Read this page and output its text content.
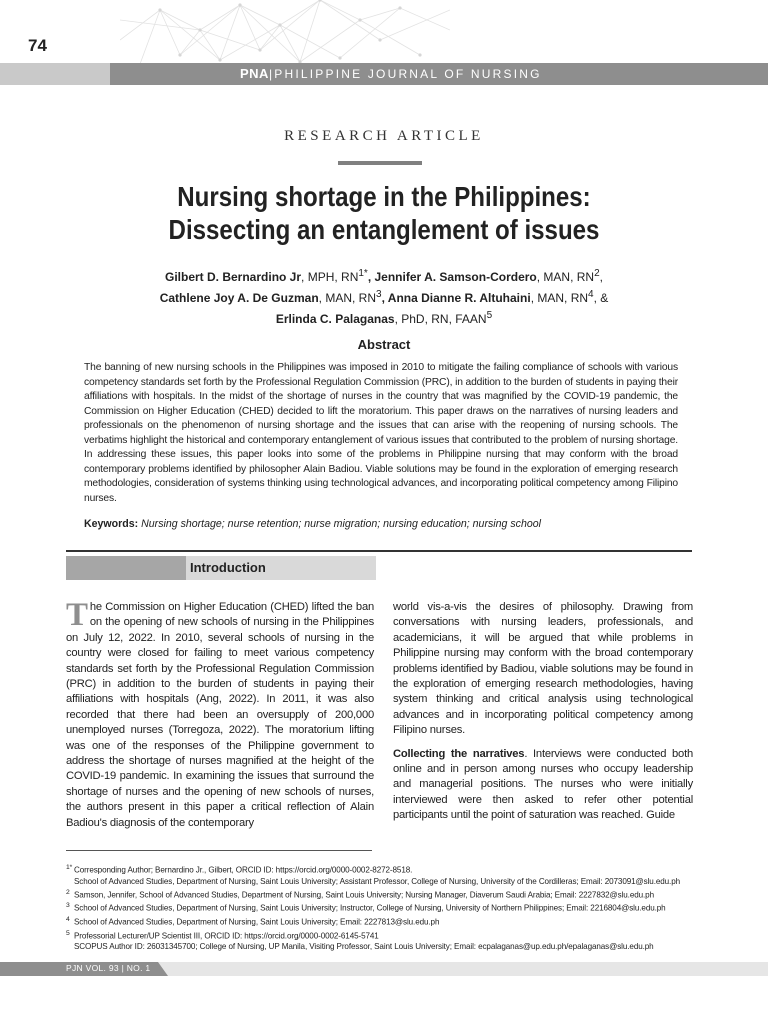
74
PNA|PHILIPPINE JOURNAL OF NURSING
RESEARCH ARTICLE
Nursing shortage in the Philippines:
Dissecting an entanglement of issues
Gilbert D. Bernardino Jr, MPH, $RN^{1*}$, Jennifer A. Samson-Cordero, MAN, $RN^2$,
Cathlene Joy A. De Guzman, MAN, $RN^3$, Anna Dianne R. Altuhaini, MAN, $RN^4$, &
Erlinda C. Palaganas, PhD, RN, FAAN$^5$
Abstract
The banning of new nursing schools in the Philippines was imposed in 2010 to mitigate the failing compliance of schools with various competency standards set forth by the Professional Regulation Commission (PRC), in addition to the burden of students in paying their affiliations with hospitals. In the midst of the shortage of nurses in the country that was magnified by the COVID-19 pandemic, the Commission on Higher Education (CHED) decided to lift the moratorium. This paper draws on the narratives of nursing leaders and professionals on the phenomenon of nursing shortage and the issues that can arise with the reopening of nursing schools. The verbatims highlight the historical and contemporary entanglement of various issues that contributed to the problem of nursing shortage. In addressing these issues, this paper looks into some of the problems in Philippine nursing that may conform with the broad contemporary problems identified by philosopher Alain Badiou. Viable solutions may be found in the exploration of emerging research methodologies, consideration of systems thinking using technological advances, and incorporating political competency among Filipino nurses.
Keywords: Nursing shortage; nurse retention; nurse migration; nursing education; nursing school
Introduction

The Commission on Higher Education (CHED) lifted the ban on the opening of new schools of nursing in the Philippines on July 12, 2022. In 2010, several schools of nursing in the country were closed for failing to meet various competency standards set forth by the Professional Regulation Commission (PRC) in addition to the burden of students in paying their affiliations with hospitals (Ang, 2022). In 2011, it was also recorded that there had been an oversupply of 200,000 unemployed nurses (Torregoza, 2022). The moratorium lifting was one of the responses of the Philippine government to address the shortage of nurses magnified at the height of the COVID-19 pandemic. In examining the issues that surround the shortage of nurses and the opening of new schools of nurses, the authors present in this paper a critical reflection of Alain Badiou's diagnosis of the contemporary

world vis-a-vis the desires of philosophy. Drawing from conversations with nursing leaders, professionals, and academicians, it will be argued that while problems in Philippine nursing may conform with the broad contemporary problems identified by Badiou, viable solutions may be found in the exploration of emerging research methodologies, having system thinking and critical analysis using technological advances and in incorporating political competency among Filipino nurses.

Collecting the narratives. Interviews were conducted both online and in person among nurses who occupy leadership and managerial positions. The nurses who were initially interviewed were then asked to refer other potential participants until the point of saturation was reached. Guide

$^{1*}$ Corresponding Author; Bernardino Jr., Gilbert, ORCID ID: https://orcid.org/0000-0002-8272-8518.
School of Advanced Studies, Department of Nursing, Saint Louis University; Assistant Professor, College of Nursing, University of the Cordilleras; Email: 2073091@slu.edu.ph
$^2$ Samson, Jennifer, School of Advanced Studies, Department of Nursing, Saint Louis University; Nursing Manager, Diaverum Saudi Arabia; Email: 2227832@slu.edu.ph
$^3$ School of Advanced Studies, Department of Nursing, Saint Louis University; Instructor, College of Nursing, University of Northern Philippines; Email: 2216804@slu.edu.ph
$^4$ School of Advanced Studies, Department of Nursing, Saint Louis University; Email: 2227813@slu.edu.ph
$^5$ Professorial Lecturer/UP Scientist III, ORCID ID: https://orcid.org/0000-0002-6145-5741
SCOPUS Author ID: 26031345700; College of Nursing, UP Manila, Visiting Professor, Saint Louis University; Email: ecpalaganas@up.edu.ph/epalaganas@slu.edu.ph
PJN VOL. 93 | NO. 1
